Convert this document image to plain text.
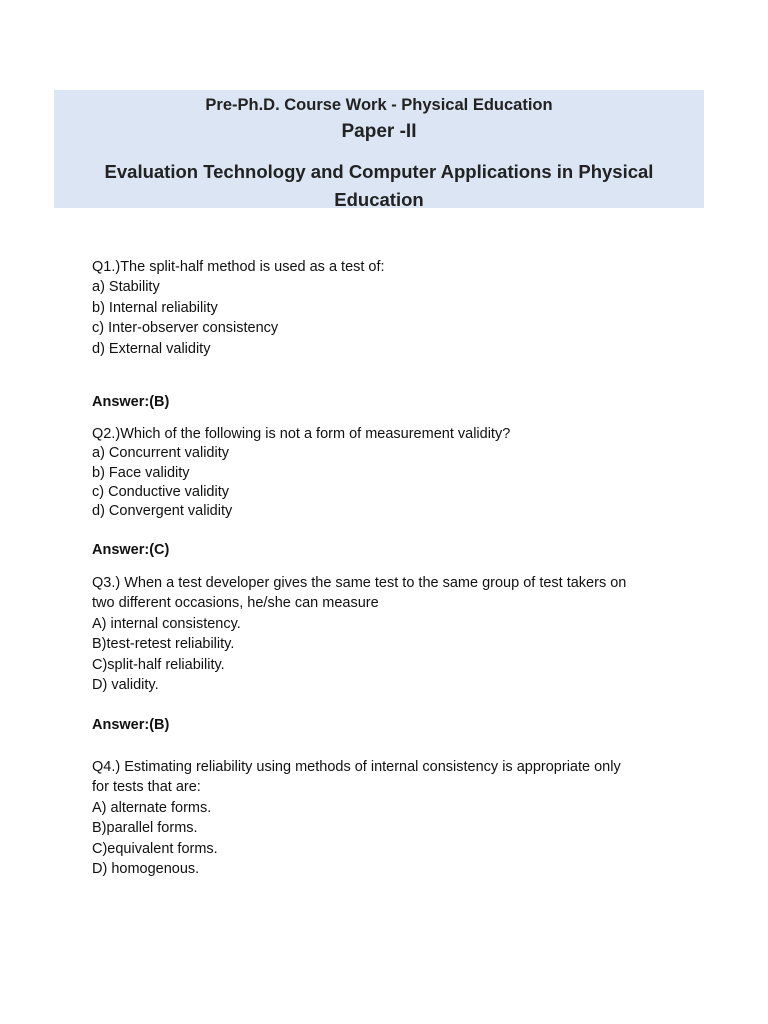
Pre-Ph.D. Course Work - Physical Education
Paper -II
Evaluation Technology and Computer Applications in Physical
Education
Q1.)The split-half method is used as a test of:
a) Stability
b) Internal reliability
c) Inter-observer consistency
d) External validity
Answer:(B)
Q2.)Which of the following is not a form of measurement validity?
a) Concurrent validity
b) Face validity
c) Conductive validity
d) Convergent validity
Answer:(C)
Q3.) When a test developer gives the same test to the same group of test takers on
two different occasions, he/she can measure
A) internal consistency.
B)test-retest reliability.
C)split-half reliability.
D) validity.
Answer:(B)
Q4.) Estimating reliability using methods of internal consistency is appropriate only
for tests that are:
A) alternate forms.
B)parallel forms.
C)equivalent forms.
D) homogenous.
